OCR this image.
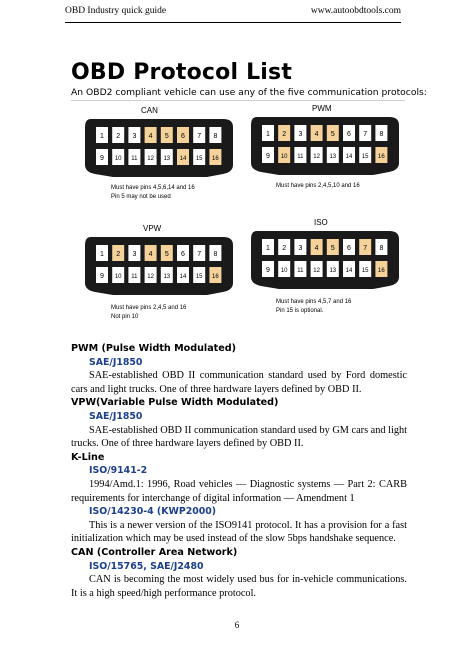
OBD Industry quick guide	www.autoobdtools.com
OBD Protocol List
An OBD2 compliant vehicle can use any of the five communication protocols:
CAN
1 2 3 4 5 6 7 8
9 10 11 12 13 14 15 16
Must have pins 4,5,6,14 and 16
Pin 5 may not be used
PWM
1 2 3 4 5 6 7 8
9 10 11 12 13 14 15 16
Must have pins 2,4,5,10 and 16
VPW
1 2 3 4 5 6 7 8
9 10 11 12 13 14 15 16
Must have pins 2,4,5 and 16
Not pin 10
ISO
1 2 3 4 5 6 7 8
9 10 11 12 13 14 15 16
Must have pins 4,5,7 and 16
Pin 15 is optional.
PWM (Pulse Width Modulated)
SAE/J1850
SAE-established OBD II communication standard used by Ford domestic cars and light trucks. One of three hardware layers defined by OBD II.
VPW(Variable Pulse Width Modulated)
SAE/J1850
SAE-established OBD II communication standard used by GM cars and light trucks. One of three hardware layers defined by OBD II.
K-Line
ISO/9141-2
1994/Amd.1: 1996, Road vehicles — Diagnostic systems — Part 2: CARB requirements for interchange of digital information — Amendment 1
ISO/14230-4 (KWP2000)
This is a newer version of the ISO9141 protocol. It has a provision for a fast initialization which may be used instead of the slow 5bps handshake sequence.
CAN (Controller Area Network)
ISO/15765, SAE/J2480
CAN is becoming the most widely used bus for in-vehicle communications. It is a high speed/high performance protocol.
6
